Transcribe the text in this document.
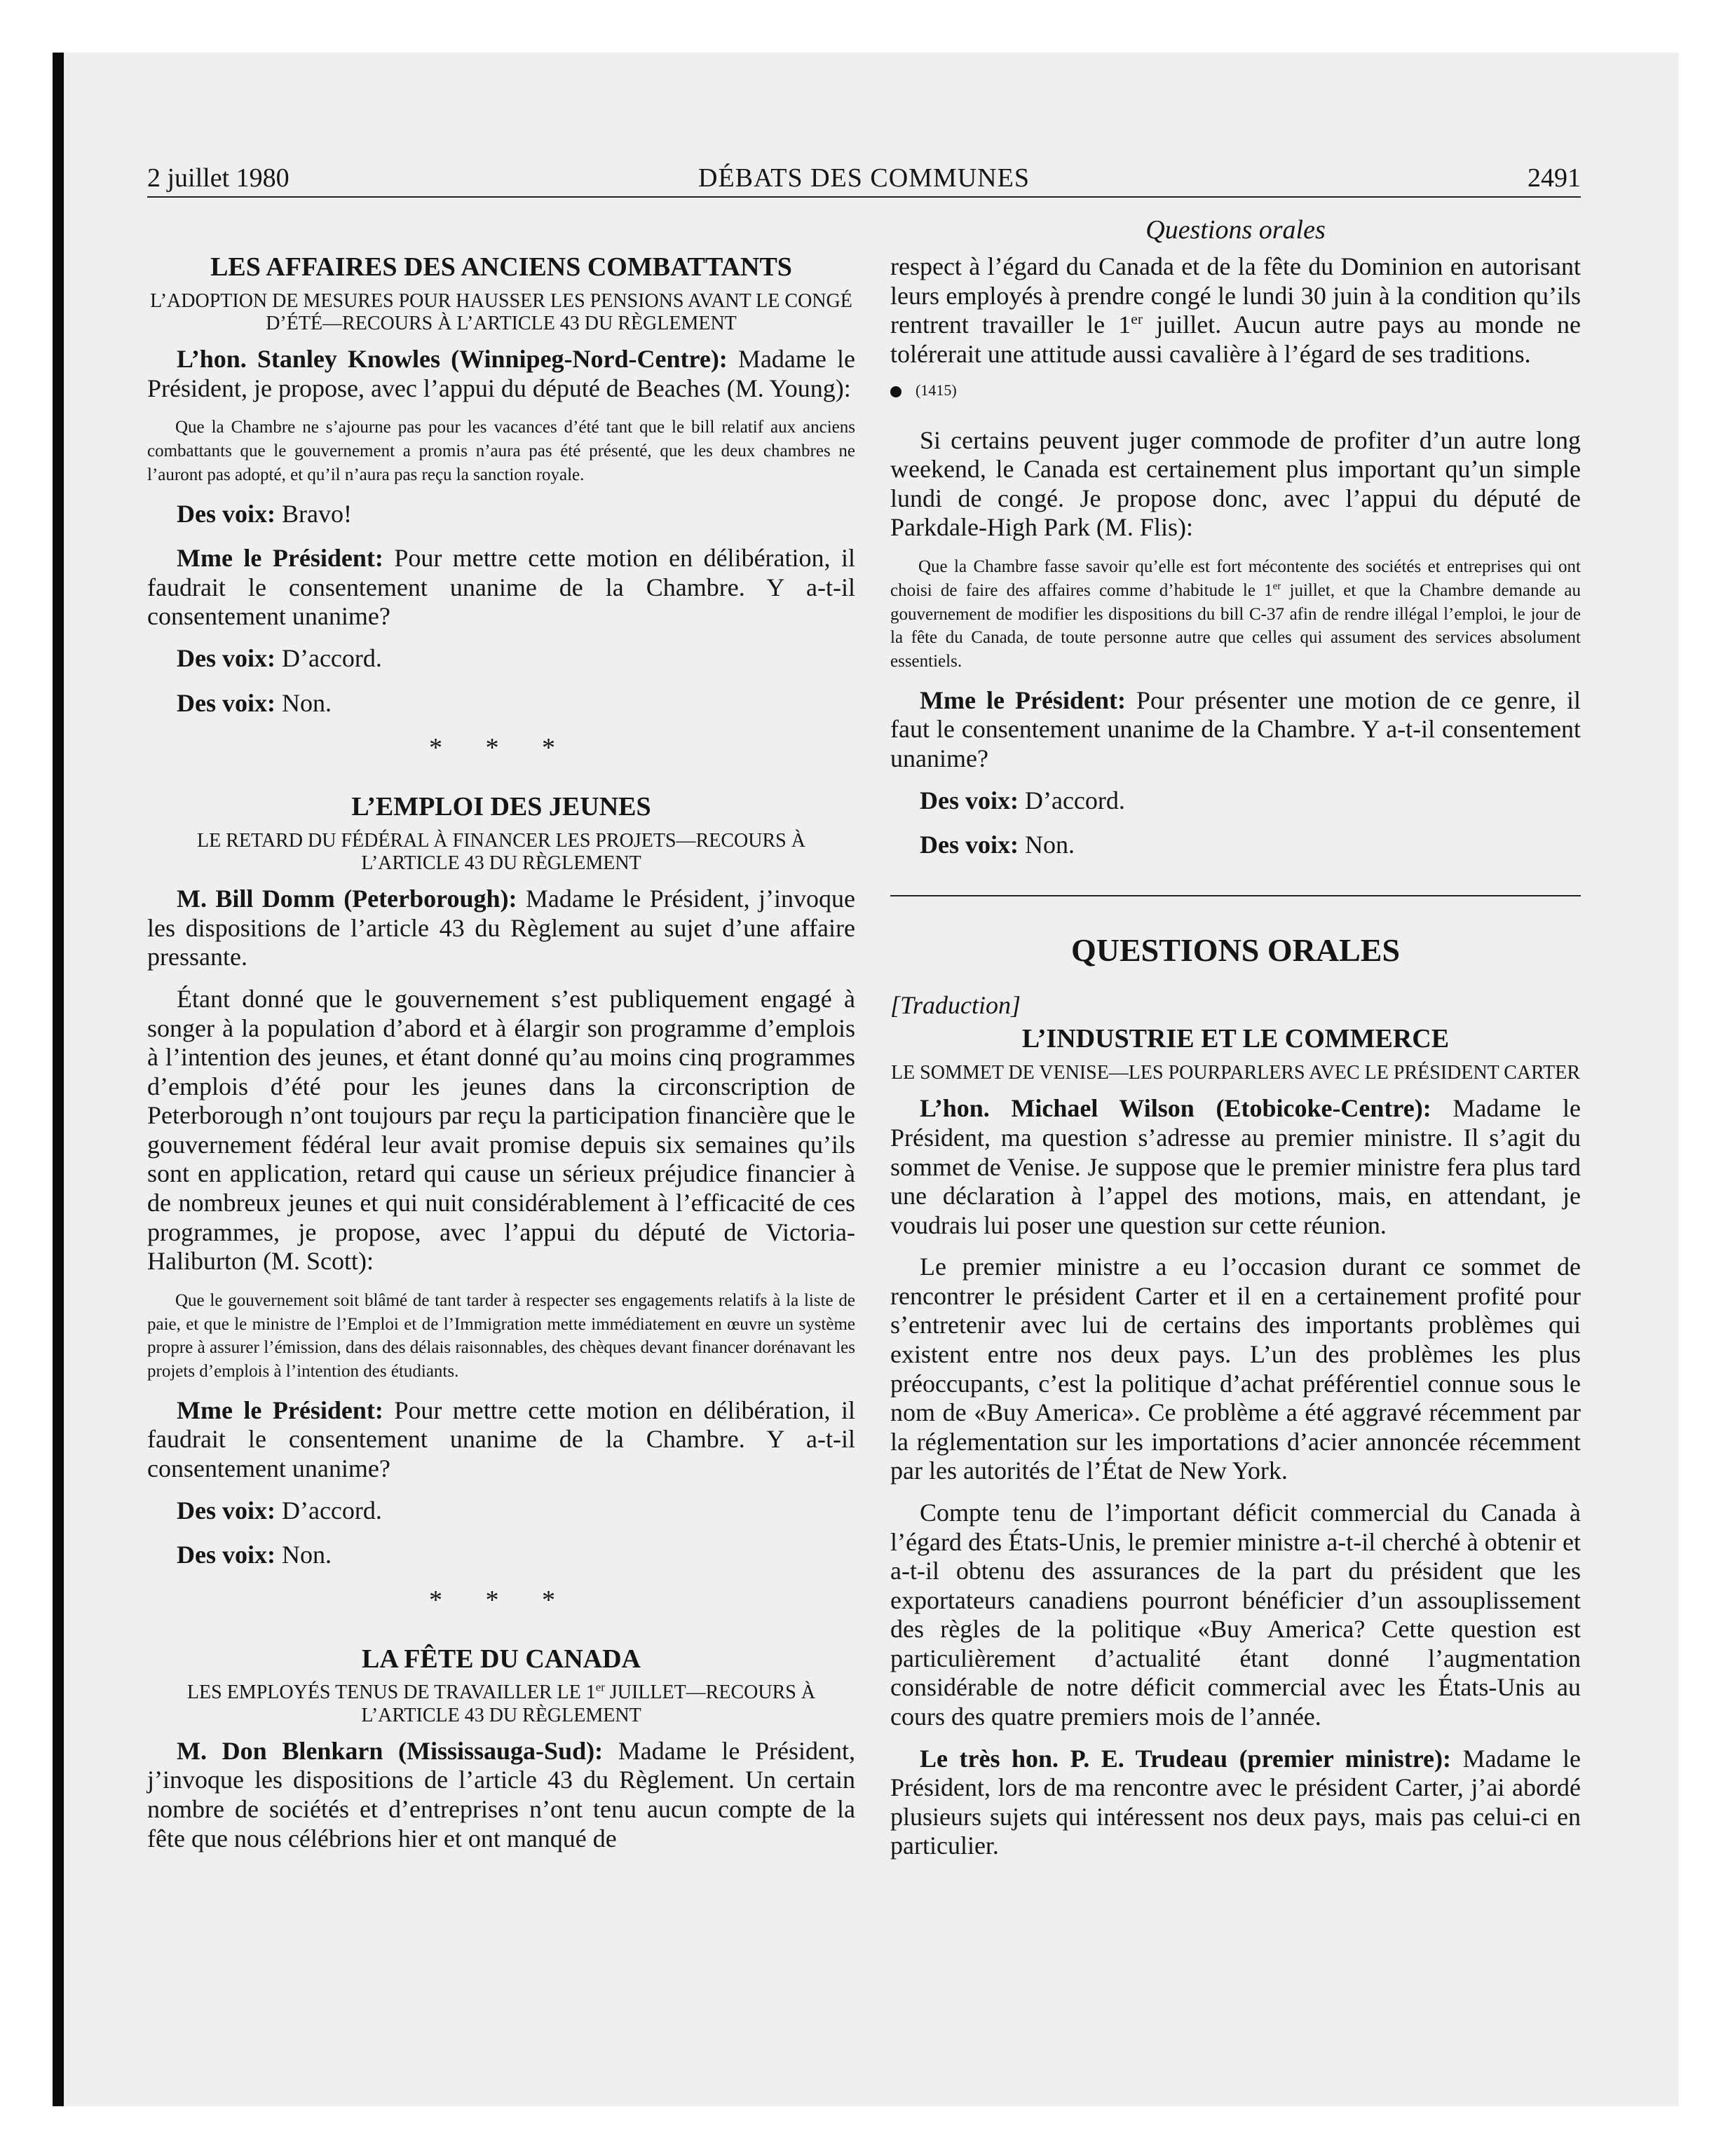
2 juillet 1980	DÉBATS DES COMMUNES	2491
Questions orales
LES AFFAIRES DES ANCIENS COMBATTANTS
L’ADOPTION DE MESURES POUR HAUSSER LES PENSIONS AVANT LE CONGÉ D’ÉTÉ—RECOURS À L’ARTICLE 43 DU RÈGLEMENT

L’hon. Stanley Knowles (Winnipeg-Nord-Centre): Madame le Président, je propose, avec l’appui du député de Beaches (M. Young):

Que la Chambre ne s’ajourne pas pour les vacances d’été tant que le bill relatif aux anciens combattants que le gouvernement a promis n’aura pas été présenté, que les deux chambres ne l’auront pas adopté, et qu’il n’aura pas reçu la sanction royale.
Des voix: Bravo!

Mme le Président: Pour mettre cette motion en délibération, il faudrait le consentement unanime de la Chambre. Y a-t-il consentement unanime?

Des voix: D’accord.
Des voix: Non.
* * *
L’EMPLOI DES JEUNES
LE RETARD DU FÉDÉRAL À FINANCER LES PROJETS—RECOURS À L’ARTICLE 43 DU RÈGLEMENT

M. Bill Domm (Peterborough): Madame le Président, j’invoque les dispositions de l’article 43 du Règlement au sujet d’une affaire pressante.

Étant donné que le gouvernement s’est publiquement engagé à songer à la population d’abord et à élargir son programme d’emplois à l’intention des jeunes, et étant donné qu’au moins cinq programmes d’emplois d’été pour les jeunes dans la circonscription de Peterborough n’ont toujours par reçu la participation financière que le gouvernement fédéral leur avait promise depuis six semaines qu’ils sont en application, retard qui cause un sérieux préjudice financier à de nombreux jeunes et qui nuit considérablement à l’efficacité de ces programmes, je propose, avec l’appui du député de Victoria-Haliburton (M. Scott):

Que le gouvernement soit blâmé de tant tarder à respecter ses engagements relatifs à la liste de paie, et que le ministre de l’Emploi et de l’Immigration mette immédiatement en œuvre un système propre à assurer l’émission, dans des délais raisonnables, des chèques devant financer dorénavant les projets d’emplois à l’intention des étudiants.

Mme le Président: Pour mettre cette motion en délibération, il faudrait le consentement unanime de la Chambre. Y a-t-il consentement unanime?

Des voix: D’accord.
Des voix: Non.
* * *
LA FÊTE DU CANADA
LES EMPLOYÉS TENUS DE TRAVAILLER LE 1er JUILLET—RECOURS À L’ARTICLE 43 DU RÈGLEMENT

M. Don Blenkarn (Mississauga-Sud): Madame le Président, j’invoque les dispositions de l’article 43 du Règlement. Un certain nombre de sociétés et d’entreprises n’ont tenu aucun compte de la fête que nous célébrions hier et ont manqué de

respect à l’égard du Canada et de la fête du Dominion en autorisant leurs employés à prendre congé le lundi 30 juin à la condition qu’ils rentrent travailler le 1er juillet. Aucun autre pays au monde ne tolérerait une attitude aussi cavalière à l’égard de ses traditions.

(1415)

Si certains peuvent juger commode de profiter d’un autre long weekend, le Canada est certainement plus important qu’un simple lundi de congé. Je propose donc, avec l’appui du député de Parkdale-High Park (M. Flis):

Que la Chambre fasse savoir qu’elle est fort mécontente des sociétés et entreprises qui ont choisi de faire des affaires comme d’habitude le 1er juillet, et que la Chambre demande au gouvernement de modifier les dispositions du bill C-37 afin de rendre illégal l’emploi, le jour de la fête du Canada, de toute personne autre que celles qui assument des services absolument essentiels.

Mme le Président: Pour présenter une motion de ce genre, il faut le consentement unanime de la Chambre. Y a-t-il consentement unanime?

Des voix: D’accord.
Des voix: Non.
QUESTIONS ORALES
[Traduction]
L’INDUSTRIE ET LE COMMERCE
LE SOMMET DE VENISE—LES POURPARLERS AVEC LE PRÉSIDENT CARTER

L’hon. Michael Wilson (Etobicoke-Centre): Madame le Président, ma question s’adresse au premier ministre. Il s’agit du sommet de Venise. Je suppose que le premier ministre fera plus tard une déclaration à l’appel des motions, mais, en attendant, je voudrais lui poser une question sur cette réunion.

Le premier ministre a eu l’occasion durant ce sommet de rencontrer le président Carter et il en a certainement profité pour s’entretenir avec lui de certains des importants problèmes qui existent entre nos deux pays. L’un des problèmes les plus préoccupants, c’est la politique d’achat préférentiel connue sous le nom de «Buy America». Ce problème a été aggravé récemment par la réglementation sur les importations d’acier annoncée récemment par les autorités de l’État de New York.

Compte tenu de l’important déficit commercial du Canada à l’égard des États-Unis, le premier ministre a-t-il cherché à obtenir et a-t-il obtenu des assurances de la part du président que les exportateurs canadiens pourront bénéficier d’un assouplissement des règles de la politique «Buy America? Cette question est particulièrement d’actualité étant donné l’augmentation considérable de notre déficit commercial avec les États-Unis au cours des quatre premiers mois de l’année.

Le très hon. P. E. Trudeau (premier ministre): Madame le Président, lors de ma rencontre avec le président Carter, j’ai abordé plusieurs sujets qui intéressent nos deux pays, mais pas celui-ci en particulier.
